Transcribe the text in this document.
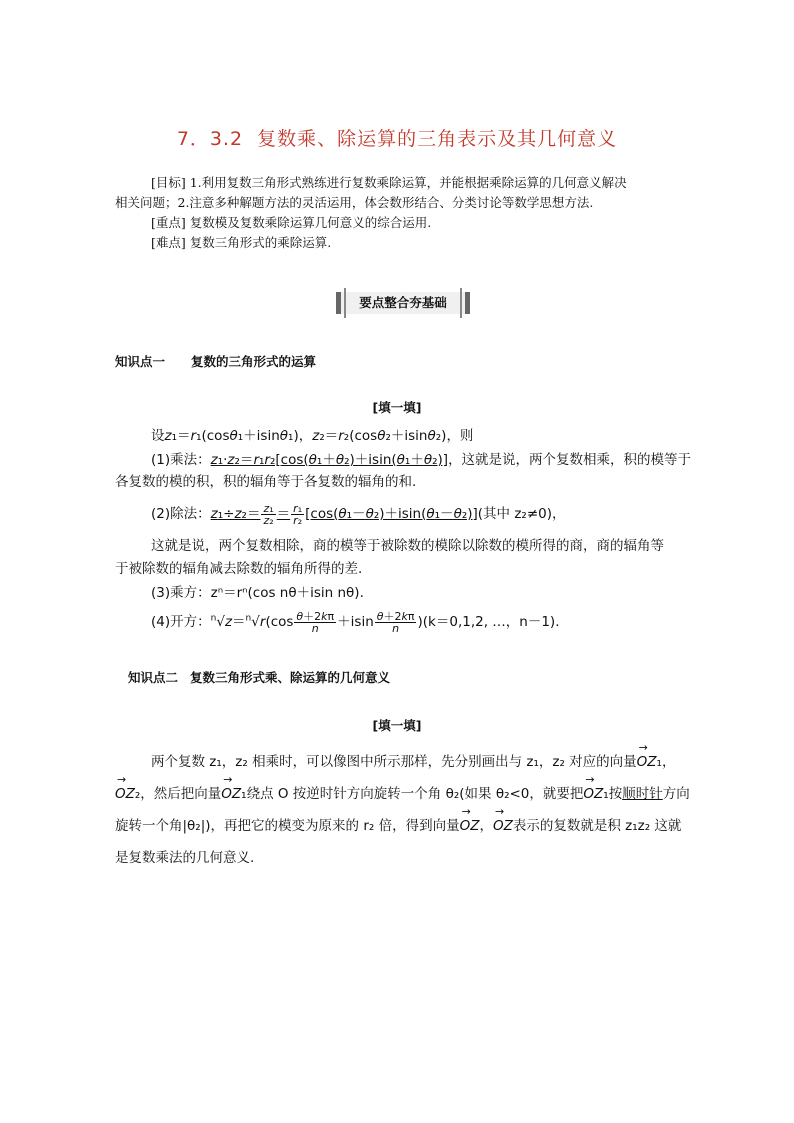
7．3.2 复数乘、除运算的三角表示及其几何意义

[目标] 1.利用复数三角形式熟练进行复数乘除运算，并能根据乘除运算的几何意义解决

相关问题；2.注意多种解题方法的灵活运用，体会数形结合、分类讨论等数学思想方法.

[重点] 复数模及复数乘除运算几何意义的综合运用.

[难点] 复数三角形式的乘除运算.

要点整合夯基础
知识点一 复数的三角形式的运算
[填一填]
设z₁＝r₁(cosθ₁＋isinθ₁)，z₂＝r₂(cosθ₂＋isinθ₂)，则
(1)乘法：z₁·z₂＝r₁r₂[cos(θ₁＋θ₂)＋isin(θ₁＋θ₂)]，这就是说，两个复数相乘，积的模等于
各复数的模的积，积的辐角等于各复数的辐角的和.
(2)除法：$z_1\div z_2= \frac{\text{z₁}}{\text{z₂}} = \frac{\text{r₁}}{\text{r₂}} [\cos(\theta_1-\theta_2)+isin(\theta_1-\theta_2)]$(其中 z₂≠0)，
这就是说，两个复数相除，商的模等于被除数的模除以除数的模所得的商，商的辐角等
于被除数的辐角减去除数的辐角所得的差.
(3)乘方：zⁿ＝rⁿ(cos nθ＋isin nθ).
(4)开方：$^n√z=^n√r(\cos \frac{\theta+2k\pi}{n} +isin \frac{\theta+2k\pi}{n} )(k=0,1,2$, …，n－1).
知识点二 复数三角形式乘、除运算的几何意义
[填一填]
两个复数 z₁，z₂ 相乘时，可以像图中所示那样，先分别画出与 z₁，z₂ 对应的向量→ OZ₁，
→ OZ₂，然后把向量→ OZ₁绕点 O 按逆时针方向旋转一个角 θ₂(如果 θ₂<0，就要把→ OZ₁按顺时针方向
旋转一个角|θ₂|)，再把它的模变为原来的 r₂ 倍，得到向量→ OZ，→ OZ表示的复数就是积 z₁z₂ 这就
是复数乘法的几何意义.
